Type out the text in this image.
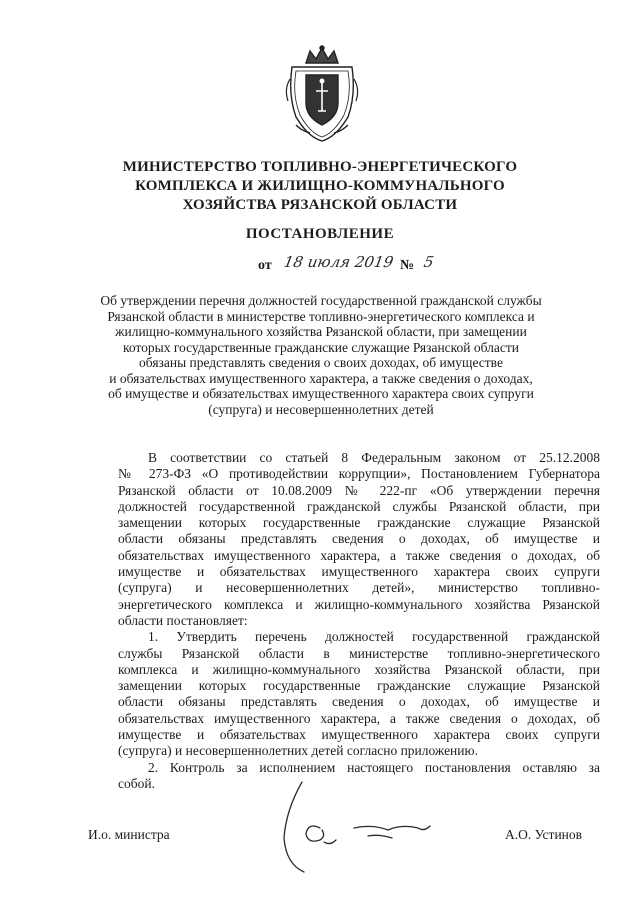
МИНИСТЕРСТВО ТОПЛИВНО-ЭНЕРГЕТИЧЕСКОГО
КОМПЛЕКСА И ЖИЛИЩНО-КОММУНАЛЬНОГО
ХОЗЯЙСТВА РЯЗАНСКОЙ ОБЛАСТИ
ПОСТАНОВЛЕНИЕ
от 18 июля 2019 № 5
Об утверждении перечня должностей государственной гражданской службы
Рязанской области в министерстве топливно-энергетического комплекса и
жилищно-коммунального хозяйства Рязанской области, при замещении
которых государственные гражданские служащие Рязанской области
обязаны представлять сведения о своих доходах, об имуществе
и обязательствах имущественного характера, а также сведения о доходах,
об имуществе и обязательствах имущественного характера своих супруги
(супруга) и несовершеннолетних детей
В соответствии со статьей 8 Федеральным законом от 25.12.2008
№ 273-ФЗ «О противодействии коррупции», Постановлением Губернатора
Рязанской области от 10.08.2009 № 222-пг «Об утверждении перечня
должностей государственной гражданской службы Рязанской области, при
замещении которых государственные гражданские служащие Рязанской
области обязаны представлять сведения о доходах, об имуществе и
обязательствах имущественного характера, а также сведения о доходах, об
имуществе и обязательствах имущественного характера своих супруги
(супруга) и несовершеннолетних детей», министерство топливно-
энергетического комплекса и жилищно-коммунального хозяйства Рязанской
области постановляет:
1. Утвердить перечень должностей государственной гражданской
службы Рязанской области в министерстве топливно-энергетического
комплекса и жилищно-коммунального хозяйства Рязанской области, при
замещении которых государственные гражданские служащие Рязанской
области обязаны представлять сведения о доходах, об имуществе и
обязательствах имущественного характера, а также сведения о доходах, об
имуществе и обязательствах имущественного характера своих супруги
(супруга) и несовершеннолетних детей согласно приложению.
2. Контроль за исполнением настоящего постановления оставляю за
собой.
И.о. министра	А.О. Устинов
